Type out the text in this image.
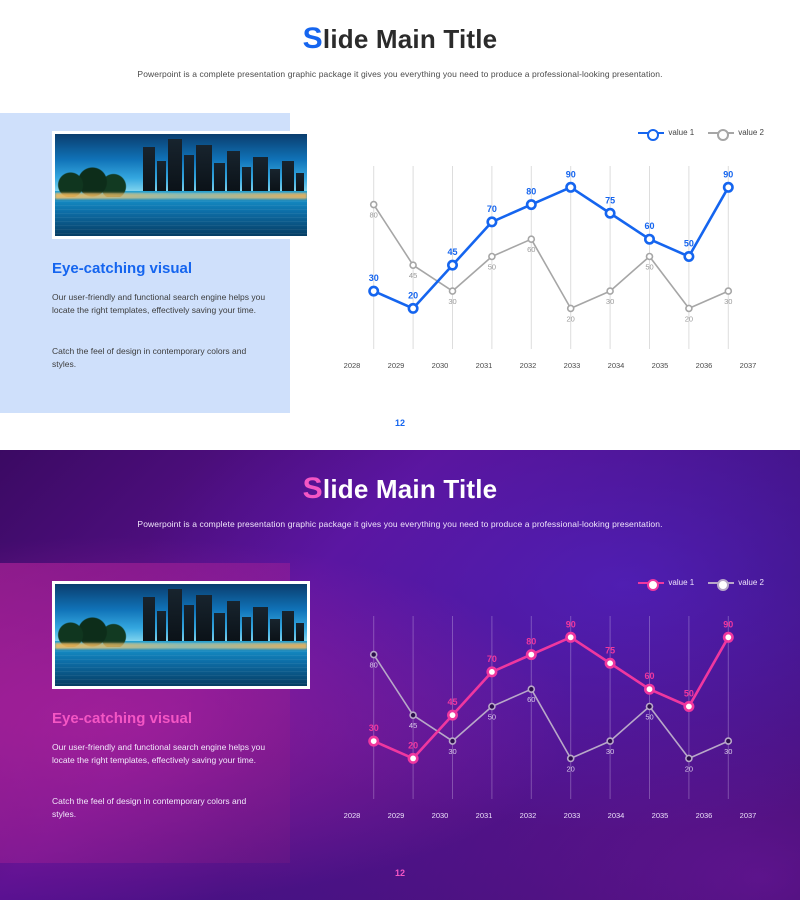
Slide Main Title
Powerpoint is a complete presentation graphic package it gives you everything you need to produce a professional-looking presentation.
Eye-catching visual
Our user-friendly and functional search engine helps you locate the right templates, effectively saving your time.
Catch the feel of design in contemporary colors and styles.
value 1	value 2
80
45
30
50
60
20
30
50
20
30
30
20
45
70
80
90
75
60
50
90
2028	2029	2030	2031	2032	2033	2034	2035	2036	2037
12
Slide Main Title
Powerpoint is a complete presentation graphic package it gives you everything you need to produce a professional-looking presentation.
Eye-catching visual
Our user-friendly and functional search engine helps you locate the right templates, effectively saving your time.
Catch the feel of design in contemporary colors and styles.
value 1	value 2
80
45
30
50
60
20
30
50
20
30
30
20
45
70
80
90
75
60
50
90
2028	2029	2030	2031	2032	2033	2034	2035	2036	2037
12
